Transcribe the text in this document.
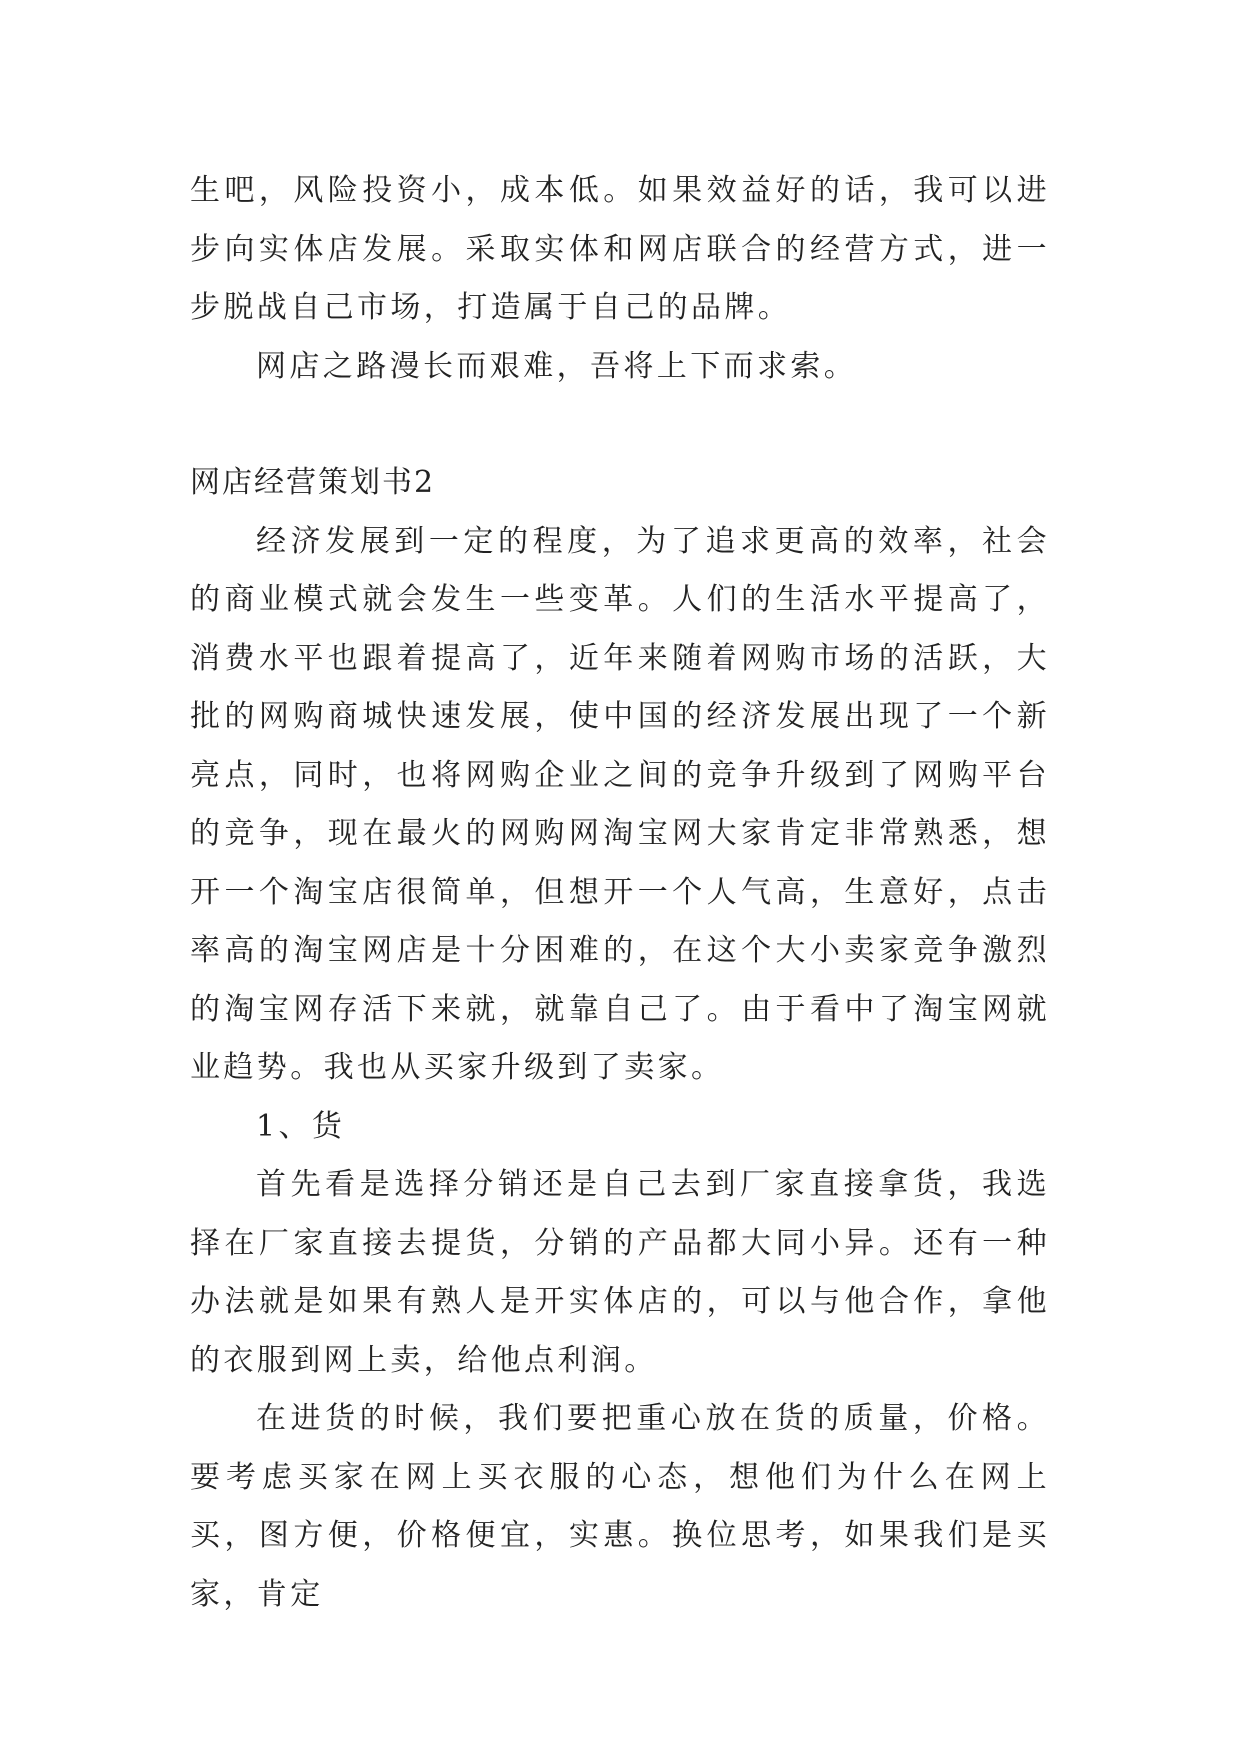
生吧，风险投资小，成本低。如果效益好的话，我可以进步向实体店发展。采取实体和网店联合的经营方式，进一步脱战自己市场，打造属于自己的品牌。

网店之路漫长而艰难，吾将上下而求索。

网店经营策划书2

经济发展到一定的程度，为了追求更高的效率，社会的商业模式就会发生一些变革。人们的生活水平提高了，消费水平也跟着提高了，近年来随着网购市场的活跃，大批的网购商城快速发展，使中国的经济发展出现了一个新亮点，同时，也将网购企业之间的竞争升级到了网购平台的竞争，现在最火的网购网淘宝网大家肯定非常熟悉，想开一个淘宝店很简单，但想开一个人气高，生意好，点击率高的淘宝网店是十分困难的，在这个大小卖家竞争激烈的淘宝网存活下来就，就靠自己了。由于看中了淘宝网就业趋势。我也从买家升级到了卖家。

1、货

首先看是选择分销还是自己去到厂家直接拿货，我选择在厂家直接去提货，分销的产品都大同小异。还有一种办法就是如果有熟人是开实体店的，可以与他合作，拿他的衣服到网上卖，给他点利润。

在进货的时候，我们要把重心放在货的质量，价格。要考虑买家在网上买衣服的心态，想他们为什么在网上买，图方便，价格便宜，实惠。换位思考，如果我们是买家，肯定
